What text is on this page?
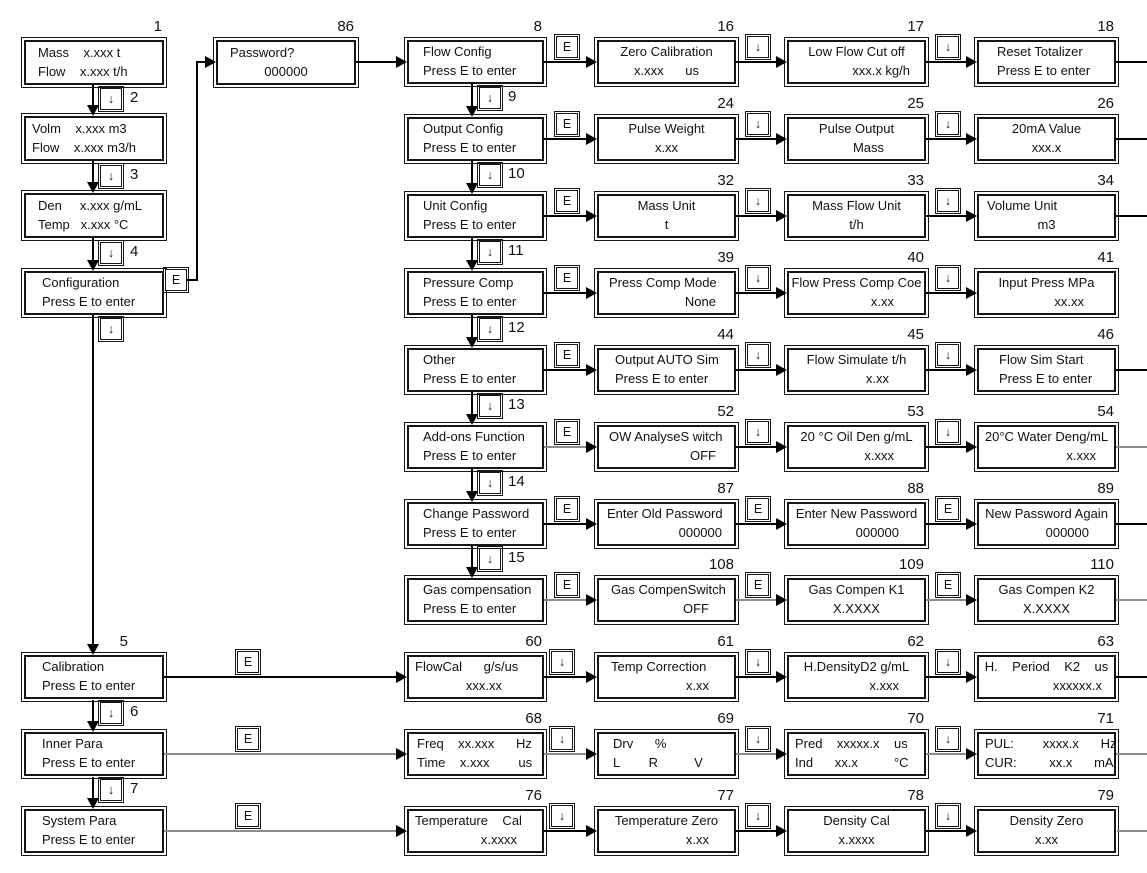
1
Mass    x.xxx t
Flow    x.xxx t/h
Volm    x.xxx m3
Flow    x.xxx m3/h
Den     x.xxx g/mL
Temp   x.xxx °C
Configuration
Press E to enter
5
Calibration
Press E to enter
Inner Para
Press E to enter
System Para
Press E to enter
86
Password?
000000
8
Flow Config
Press E to enter
Output Config
Press E to enter
Unit Config
Press E to enter
Pressure Comp
Press E to enter
Other
Press E to enter
Add-ons Function
Press E to enter
Change Password
Press E to enter
Gas compensation
Press E to enter
16
Zero Calibration
x.xxx      us
17
Low Flow Cut off
xxx.x kg/h
18
Reset Totalizer
Press E to enter
24
Pulse Weight
x.xx
25
Pulse Output
Mass
26
20mA Value
xxx.x
32
Mass Unit
t
33
Mass Flow Unit
t/h
34
Volume Unit
m3
39
Press Comp Mode
None
40
Flow Press Comp Coe
x.xx
41
Input Press MPa
xx.xx
44
Output AUTO Sim
Press E to enter
45
Flow Simulate t/h
x.xx
46
Flow Sim Start
Press E to enter
52
OW AnalyseS witch
OFF
53
20 °C Oil Den g/mL
x.xxx
54
20°C Water Deng/mL
x.xxx
87
Enter Old Password
000000
88
Enter New Password
000000
89
New Password Again
000000
108
Gas CompenSwitch
OFF
109
Gas Compen K1
X.XXXX
110
Gas Compen K2
X.XXXX
60
FlowCal      g/s/us
xxx.xx
61
Temp Correction
x.xx
62
H.DensityD2 g/mL
x.xxx
63
H.    Period    K2    us
xxxxxx.x
68
Freq    xx.xxx      Hz
Time    x.xxx        us
69
Drv      %
L        R          V
70
Pred    xxxxx.x    us
Ind      xx.x          °C
71
PUL:        xxxx.x      Hz
CUR:         xx.x      mA
76
Temperature    Cal
x.xxxx
77
Temperature Zero
x.xx
78
Density Cal
x.xxxx
79
Density Zero
x.xx
2
3
4
6
7
9
10
11
12
13
14
15
↓
↓
↓
↓
↓
↓
E
↓
↓
↓
↓
↓
↓
↓
E	↓	↓
E	↓	↓
E	↓	↓
E	↓	↓
E	↓	↓
E	↓	↓
E	E	E
E	E	E
E	↓	↓	↓
E	↓	↓	↓
E	↓	↓	↓
